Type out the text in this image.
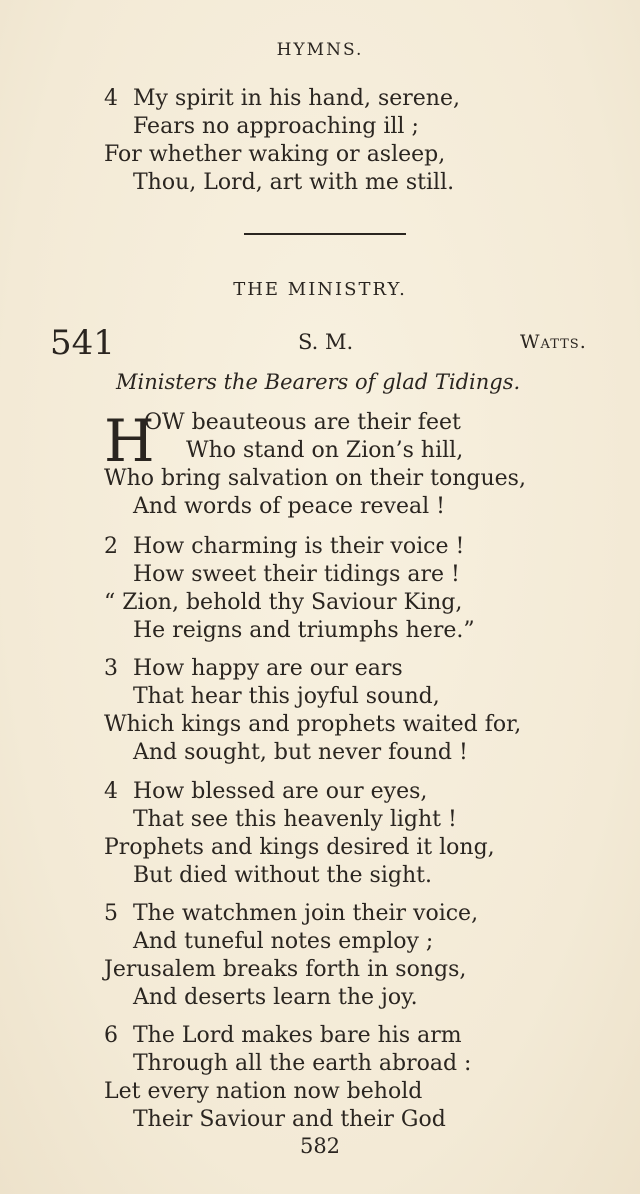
HYMNS.
4 My spirit in his hand, serene,
Fears no approaching ill ;
For whether waking or asleep,
Thou, Lord, art with me still.
THE MINISTRY.
541	S. M.	Watts.
Ministers the Bearers of glad Tidings.
H
OW beauteous are their feet
Who stand on Zion’s hill,
Who bring salvation on their tongues,
And words of peace reveal !
2 How charming is their voice !
How sweet their tidings are !
“ Zion, behold thy Saviour King,
He reigns and triumphs here.”
3 How happy are our ears
That hear this joyful sound,
Which kings and prophets waited for,
And sought, but never found !
4 How blessed are our eyes,
That see this heavenly light !
Prophets and kings desired it long,
But died without the sight.
5 The watchmen join their voice,
And tuneful notes employ ;
Jerusalem breaks forth in songs,
And deserts learn the joy.
6 The Lord makes bare his arm
Through all the earth abroad :
Let every nation now behold
Their Saviour and their God
582
